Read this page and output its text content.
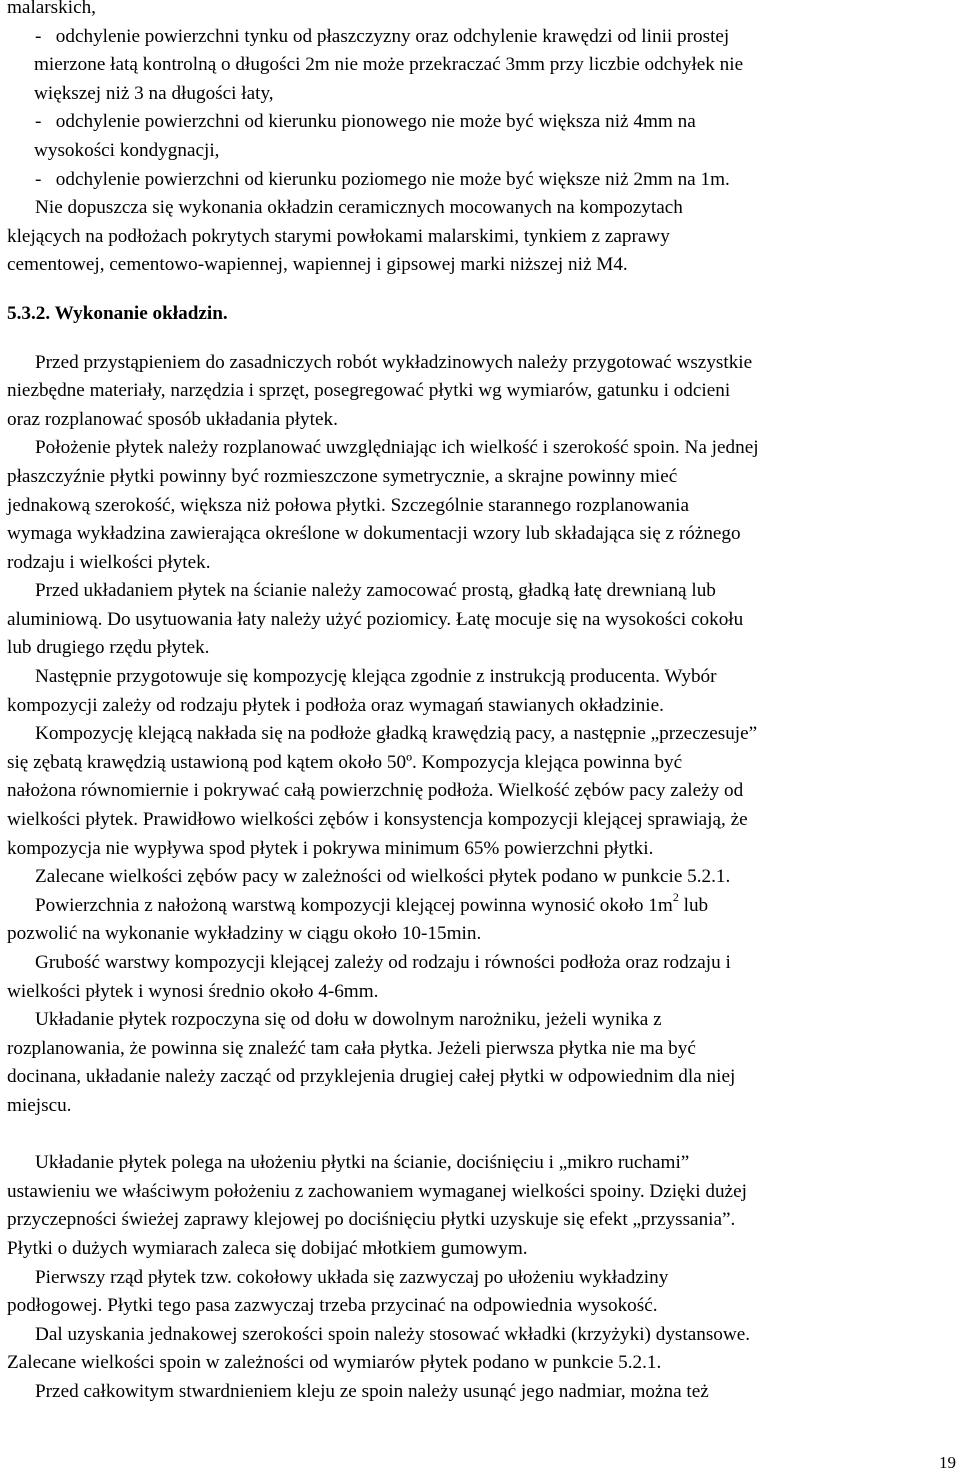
malarskich,
-   odchylenie powierzchni tynku od płaszczyzny oraz odchylenie krawędzi od linii prostej
mierzone łatą kontrolną o długości 2m nie może przekraczać 3mm przy liczbie odchyłek nie
większej niż 3 na długości łaty,
-   odchylenie powierzchni od kierunku pionowego nie może być większa niż 4mm na
wysokości kondygnacji,
-   odchylenie powierzchni od kierunku poziomego nie może być większe niż 2mm na 1m.
Nie dopuszcza się wykonania okładzin ceramicznych mocowanych na kompozytach
klejących na podłożach pokrytych starymi powłokami malarskimi, tynkiem z zaprawy
cementowej, cementowo-wapiennej, wapiennej i gipsowej marki niższej niż M4.
5.3.2. Wykonanie okładzin.
Przed przystąpieniem do zasadniczych robót wykładzinowych należy przygotować wszystkie
niezbędne materiały, narzędzia i sprzęt, posegregować płytki wg wymiarów, gatunku i odcieni
oraz rozplanować sposób układania płytek.
Położenie płytek należy rozplanować uwzględniając ich wielkość i szerokość spoin. Na jednej
płaszczyźnie płytki powinny być rozmieszczone symetrycznie, a skrajne powinny mieć
jednakową szerokość, większa niż połowa płytki. Szczególnie starannego rozplanowania
wymaga wykładzina zawierająca określone w dokumentacji wzory lub składająca się z różnego
rodzaju i wielkości płytek.
Przed układaniem płytek na ścianie należy zamocować prostą, gładką łatę drewnianą lub
aluminiową. Do usytuowania łaty należy użyć poziomicy. Łatę mocuje się na wysokości cokołu
lub drugiego rzędu płytek.
Następnie przygotowuje się kompozycję klejąca zgodnie z instrukcją producenta. Wybór
kompozycji zależy od rodzaju płytek i podłoża oraz wymagań stawianych okładzinie.
Kompozycję klejącą nakłada się na podłoże gładką krawędzią pacy, a następnie „przeczesuje”
się zębatą krawędzią ustawioną pod kątem około 50º. Kompozycja klejąca powinna być
nałożona równomiernie i pokrywać całą powierzchnię podłoża. Wielkość zębów pacy zależy od
wielkości płytek. Prawidłowo wielkości zębów i konsystencja kompozycji klejącej sprawiają, że
kompozycja nie wypływa spod płytek i pokrywa minimum 65% powierzchni płytki.
Zalecane wielkości zębów pacy w zależności od wielkości płytek podano w punkcie 5.2.1.
Powierzchnia z nałożoną warstwą kompozycji klejącej powinna wynosić około $1m^2$ lub
pozwolić na wykonanie wykładziny w ciągu około 10-15min.
Grubość warstwy kompozycji klejącej zależy od rodzaju i równości podłoża oraz rodzaju i
wielkości płytek i wynosi średnio około 4-6mm.
Układanie płytek rozpoczyna się od dołu w dowolnym narożniku, jeżeli wynika z
rozplanowania, że powinna się znaleźć tam cała płytka. Jeżeli pierwsza płytka nie ma być
docinana, układanie należy zacząć od przyklejenia drugiej całej płytki w odpowiednim dla niej
miejscu.
Układanie płytek polega na ułożeniu płytki na ścianie, dociśnięciu i „mikro ruchami”
ustawieniu we właściwym położeniu z zachowaniem wymaganej wielkości spoiny. Dzięki dużej
przyczepności świeżej zaprawy klejowej po dociśnięciu płytki uzyskuje się efekt „przyssania”.
Płytki o dużych wymiarach zaleca się dobijać młotkiem gumowym.
Pierwszy rząd płytek tzw. cokołowy układa się zazwyczaj po ułożeniu wykładziny
podłogowej. Płytki tego pasa zazwyczaj trzeba przycinać na odpowiednia wysokość.
Dal uzyskania jednakowej szerokości spoin należy stosować wkładki (krzyżyki) dystansowe.
Zalecane wielkości spoin w zależności od wymiarów płytek podano w punkcie 5.2.1.
Przed całkowitym stwardnieniem kleju ze spoin należy usunąć jego nadmiar, można też
19
